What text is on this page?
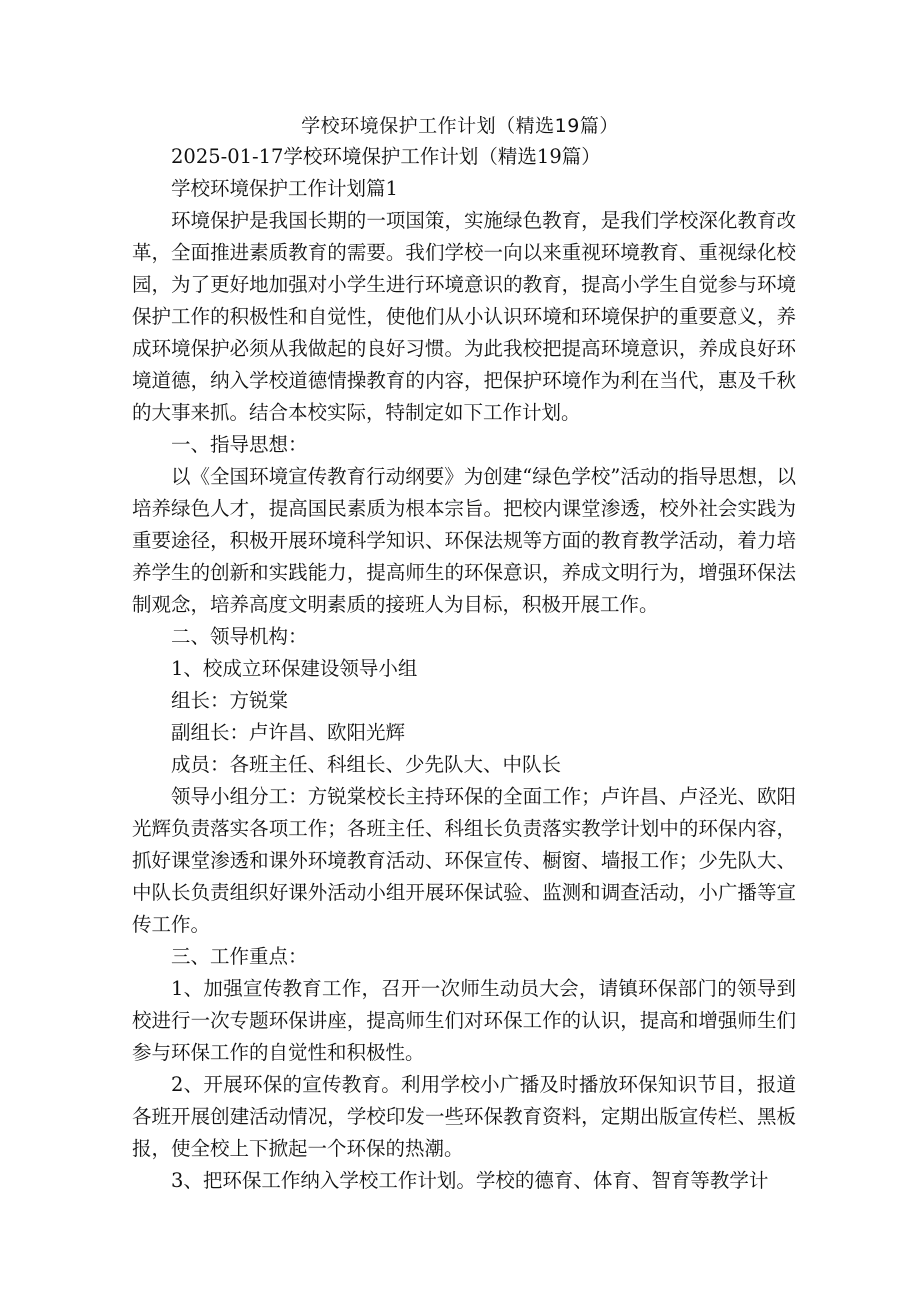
学校环境保护工作计划（精选19篇）

2025-01-17学校环境保护工作计划（精选19篇）

学校环境保护工作计划篇1

环境保护是我国长期的一项国策，实施绿色教育，是我们学校深化教育改革，全面推进素质教育的需要。我们学校一向以来重视环境教育、重视绿化校园，为了更好地加强对小学生进行环境意识的教育，提高小学生自觉参与环境保护工作的积极性和自觉性，使他们从小认识环境和环境保护的重要意义，养成环境保护必须从我做起的良好习惯。为此我校把提高环境意识，养成良好环境道德，纳入学校道德情操教育的内容，把保护环境作为利在当代，惠及千秋的大事来抓。结合本校实际，特制定如下工作计划。

一、指导思想：

以《全国环境宣传教育行动纲要》为创建“绿色学校”活动的指导思想，以培养绿色人才，提高国民素质为根本宗旨。把校内课堂渗透，校外社会实践为重要途径，积极开展环境科学知识、环保法规等方面的教育教学活动，着力培养学生的创新和实践能力，提高师生的环保意识，养成文明行为，增强环保法制观念，培养高度文明素质的接班人为目标，积极开展工作。

二、领导机构：

1、校成立环保建设领导小组

组长：方锐棠

副组长：卢许昌、欧阳光辉

成员：各班主任、科组长、少先队大、中队长

领导小组分工：方锐棠校长主持环保的全面工作；卢许昌、卢泾光、欧阳光辉负责落实各项工作；各班主任、科组长负责落实教学计划中的环保内容，抓好课堂渗透和课外环境教育活动、环保宣传、橱窗、墙报工作；少先队大、中队长负责组织好课外活动小组开展环保试验、监测和调查活动，小广播等宣传工作。

三、工作重点：

1、加强宣传教育工作，召开一次师生动员大会，请镇环保部门的领导到校进行一次专题环保讲座，提高师生们对环保工作的认识，提高和增强师生们参与环保工作的自觉性和积极性。

2、开展环保的宣传教育。利用学校小广播及时播放环保知识节目，报道各班开展创建活动情况，学校印发一些环保教育资料，定期出版宣传栏、黑板报，使全校上下掀起一个环保的热潮。

3、把环保工作纳入学校工作计划。学校的德育、体育、智育等教学计
